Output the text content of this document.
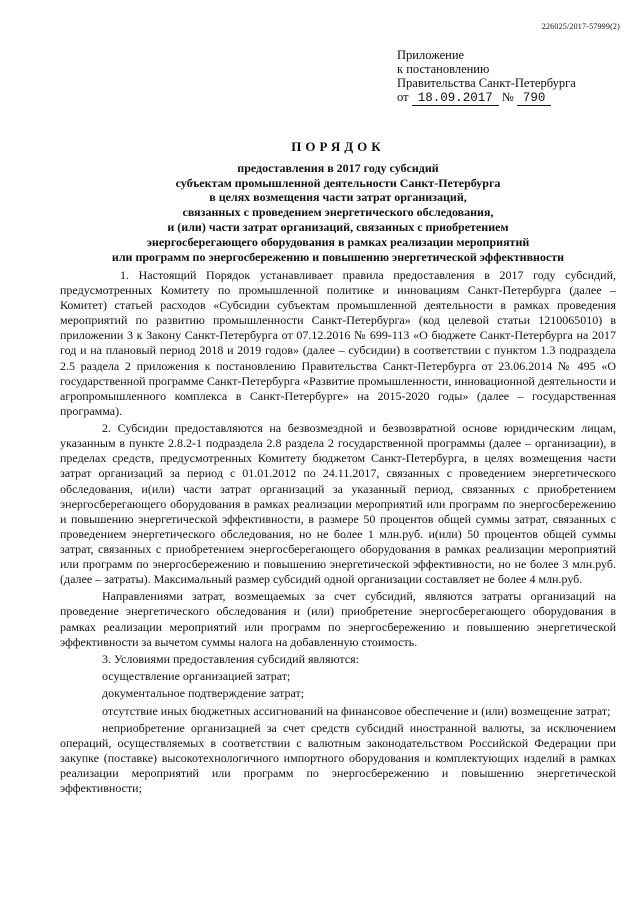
226025/2017-57999(2)
Приложение
к постановлению
Правительства Санкт-Петербурга
от 18.09.2017 № 790
ПОРЯДОК
предоставления в 2017 году субсидий
субъектам промышленной деятельности Санкт-Петербурга
в целях возмещения части затрат организаций,
связанных с проведением энергетического обследования,
и (или) части затрат организаций, связанных с приобретением
энергосберегающего оборудования в рамках реализации мероприятий
или программ по энергосбережению и повышению энергетической эффективности

1. Настоящий Порядок устанавливает правила предоставления в 2017 году субсидий, предусмотренных Комитету по промышленной политике и инновациям Санкт-Петербурга (далее – Комитет) статьей расходов «Субсидии субъектам промышленной деятельности в рамках проведения мероприятий по развитию промышленности Санкт-Петербурга» (код целевой статьи 1210065010) в приложении 3 к Закону Санкт-Петербурга от 07.12.2016 № 699-113 «О бюджете Санкт-Петербурга на 2017 год и на плановый период 2018 и 2019 годов» (далее – субсидии) в соответствии с пунктом 1.3 подраздела 2.5 раздела 2 приложения к постановлению Правительства Санкт-Петербурга от 23.06.2014 № 495 «О государственной программе Санкт-Петербурга «Развитие промышленности, инновационной деятельности и агропромышленного комплекса в Санкт-Петербурге» на 2015-2020 годы» (далее – государственная программа).

2. Субсидии предоставляются на безвозмездной и безвозвратной основе юридическим лицам, указанным в пункте 2.8.2-1 подраздела 2.8 раздела 2 государственной программы (далее – организации), в пределах средств, предусмотренных Комитету бюджетом Санкт-Петербурга, в целях возмещения части затрат организаций за период с 01.01.2012 по 24.11.2017, связанных с проведением энергетического обследования, и(или) части затрат организаций за указанный период, связанных с приобретением энергосберегающего оборудования в рамках реализации мероприятий или программ по энергосбережению и повышению энергетической эффективности, в размере 50 процентов общей суммы затрат, связанных с проведением энергетического обследования, но не более 1 млн.руб. и(или) 50 процентов общей суммы затрат, связанных с приобретением энергосберегающего оборудования в рамках реализации мероприятий или программ по энергосбережению и повышению энергетической эффективности, но не более 3 млн.руб. (далее – затраты). Максимальный размер субсидий одной организации составляет не более 4 млн.руб.

Направлениями затрат, возмещаемых за счет субсидий, являются затраты организаций на проведение энергетического обследования и (или) приобретение энергосберегающего оборудования в рамках реализации мероприятий или программ по энергосбережению и повышению энергетической эффективности за вычетом суммы налога на добавленную стоимость.

3. Условиями предоставления субсидий являются:

осуществление организацией затрат;

документальное подтверждение затрат;

отсутствие иных бюджетных ассигнований на финансовое обеспечение и (или) возмещение затрат;

неприобретение организацией за счет средств субсидий иностранной валюты, за исключением операций, осуществляемых в соответствии с валютным законодательством Российской Федерации при закупке (поставке) высокотехнологичного импортного оборудования и комплектующих изделий в рамках реализации мероприятий или программ по энергосбережению и повышению энергетической эффективности;
